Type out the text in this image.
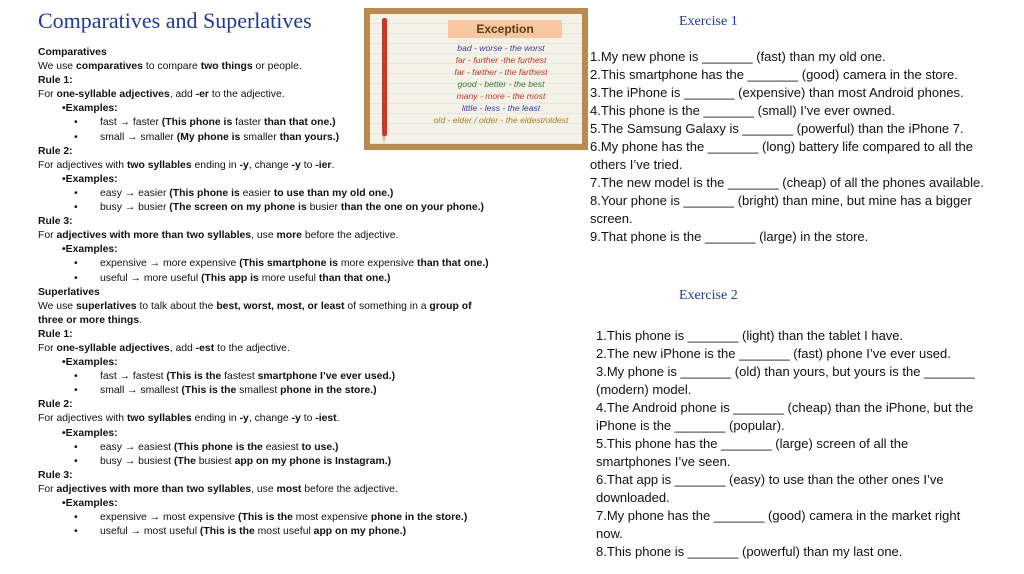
Comparatives and Superlatives	Exception
bad - worse - the worst
far - further -the furthest
far - farther - the farthest
good - better - the best
many - more - the most
little - less - the least
old - elder / older - the eldest/oldest
Comparatives
We use comparatives to compare two things or people.
Rule 1:
For one-syllable adjectives, add -er to the adjective.
• Examples:
• fast → faster (This phone is faster than that one.)
• small → smaller (My phone is smaller than yours.)
Rule 2:
For adjectives with two syllables ending in -y, change -y to -ier.
• Examples:
• easy → easier (This phone is easier to use than my old one.)
• busy → busier (The screen on my phone is busier than the one on your phone.)
Rule 3:
For adjectives with more than two syllables, use more before the adjective.
• Examples:
• expensive → more expensive (This smartphone is more expensive than that one.)
• useful → more useful (This app is more useful than that one.)
Superlatives
We use superlatives to talk about the best, worst, most, or least of something in a group of three or more things.
Rule 1:
For one-syllable adjectives, add -est to the adjective.
• Examples:
• fast → fastest (This is the fastest smartphone I’ve ever used.)
• small → smallest (This is the smallest phone in the store.)
Rule 2:
For adjectives with two syllables ending in -y, change -y to -iest.
• Examples:
• easy → easiest (This phone is the easiest to use.)
• busy → busiest (The busiest app on my phone is Instagram.)
Rule 3:
For adjectives with more than two syllables, use most before the adjective.
• Examples:
• expensive → most expensive (This is the most expensive phone in the store.)
• useful → most useful (This is the most useful app on my phone.)
Exercise 1

1.My new phone is _______ (fast) than my old one.

2.This smartphone has the _______ (good) camera in the store.

3.The iPhone is _______ (expensive) than most Android phones.

4.This phone is the _______ (small) I’ve ever owned.

5.The Samsung Galaxy is _______ (powerful) than the iPhone 7.

6.My phone has the _______ (long) battery life compared to all the others I’ve tried.

7.The new model is the _______ (cheap) of all the phones available.

8.Your phone is _______ (bright) than mine, but mine has a bigger screen.

9.That phone is the _______ (large) in the store.

Exercise 2

1.This phone is _______ (light) than the tablet I have.

2.The new iPhone is the _______ (fast) phone I’ve ever used.

3.My phone is _______ (old) than yours, but yours is the _______ (modern) model.

4.The Android phone is _______ (cheap) than the iPhone, but the iPhone is the _______ (popular).

5.This phone has the _______ (large) screen of all the smartphones I’ve seen.

6.That app is _______ (easy) to use than the other ones I’ve downloaded.

7.My phone has the _______ (good) camera in the market right now.

8.This phone is _______ (powerful) than my last one.
